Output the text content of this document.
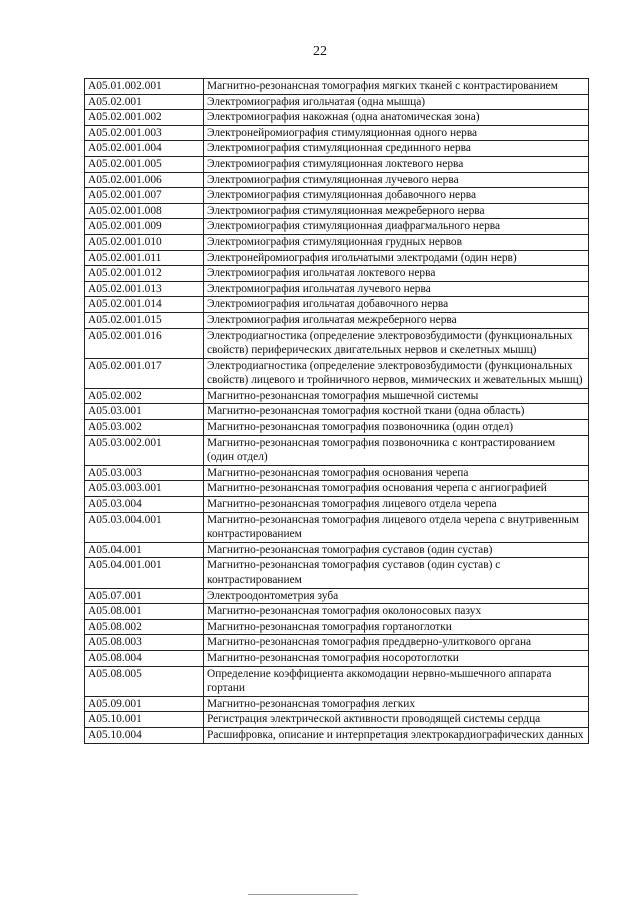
22
A05.01.002.001	Магнитно-резонансная томография мягких тканей с контрастированием
A05.02.001	Электромиография игольчатая (одна мышца)
A05.02.001.002	Электромиография накожная (одна анатомическая зона)
A05.02.001.003	Электронейромиография стимуляционная одного нерва
A05.02.001.004	Электромиография стимуляционная срединного нерва
A05.02.001.005	Электромиография стимуляционная локтевого нерва
A05.02.001.006	Электромиография стимуляционная лучевого нерва
A05.02.001.007	Электромиография стимуляционная добавочного нерва
A05.02.001.008	Электромиография стимуляционная межреберного нерва
A05.02.001.009	Электромиография стимуляционная диафрагмального нерва
A05.02.001.010	Электромиография стимуляционная грудных нервов
A05.02.001.011	Электронейромиография игольчатыми электродами (один нерв)
A05.02.001.012	Электромиография игольчатая локтевого нерва
A05.02.001.013	Электромиография игольчатая лучевого нерва
A05.02.001.014	Электромиография игольчатая добавочного нерва
A05.02.001.015	Электромиография игольчатая межреберного нерва
A05.02.001.016	Электродиагностика (определение электровозбудимости (функциональных свойств) периферических двигательных нервов и скелетных мышц)
A05.02.001.017	Электродиагностика (определение электровозбудимости (функциональных свойств) лицевого и тройничного нервов, мимических и жевательных мышц)
A05.02.002	Магнитно-резонансная томография мышечной системы
A05.03.001	Магнитно-резонансная томография костной ткани (одна область)
A05.03.002	Магнитно-резонансная томография позвоночника (один отдел)
A05.03.002.001	Магнитно-резонансная томография позвоночника с контрастированием (один отдел)
A05.03.003	Магнитно-резонансная томография основания черепа
A05.03.003.001	Магнитно-резонансная томография основания черепа с ангиографией
A05.03.004	Магнитно-резонансная томография лицевого отдела черепа
A05.03.004.001	Магнитно-резонансная томография лицевого отдела черепа с внутривенным контрастированием
A05.04.001	Магнитно-резонансная томография суставов (один сустав)
A05.04.001.001	Магнитно-резонансная томография суставов (один сустав) с контрастированием
A05.07.001	Электроодонтометрия зуба
A05.08.001	Магнитно-резонансная томография околоносовых пазух
A05.08.002	Магнитно-резонансная томография гортаноглотки
A05.08.003	Магнитно-резонансная томография преддверно-улиткового органа
A05.08.004	Магнитно-резонансная томография носоротоглотки
A05.08.005	Определение коэффициента аккомодации нервно-мышечного аппарата гортани
A05.09.001	Магнитно-резонансная томография легких
A05.10.001	Регистрация электрической активности проводящей системы сердца
A05.10.004	Расшифровка, описание и интерпретация электрокардиографических данных
